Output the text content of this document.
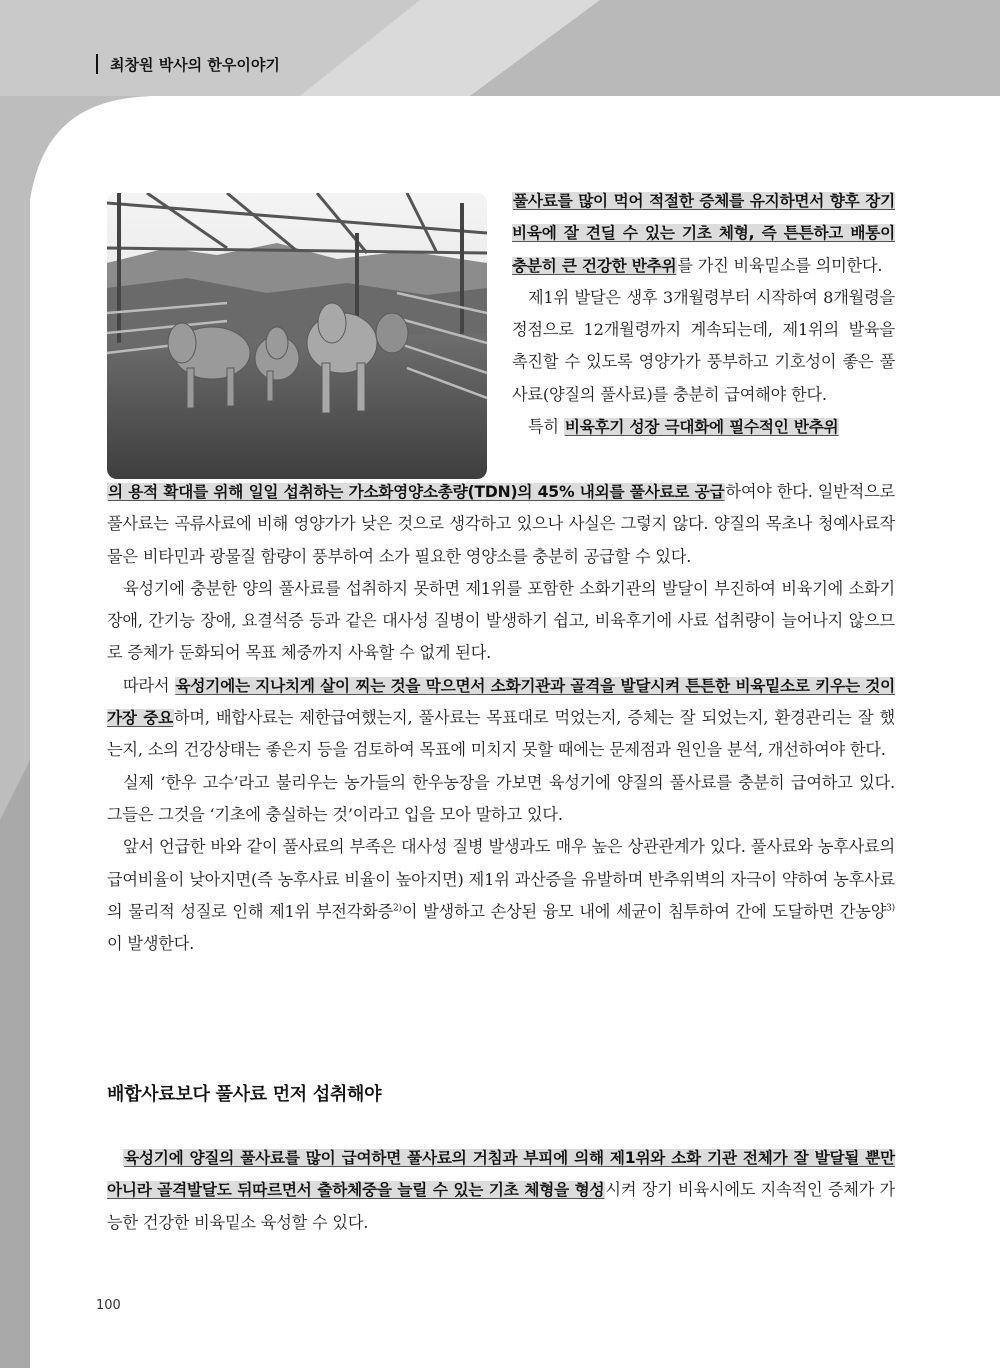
최창원 박사의 한우이야기

풀사료를 많이 먹어 적절한 증체를 유지하면서 향후 장기비육에 잘 견딜 수 있는 기초 체형, 즉 튼튼하고 배통이 충분히 큰 건강한 반추위를 가진 비육밑소를 의미한다.

제1위 발달은 생후 3개월령부터 시작하여 8개월령을 정점으로 12개월령까지 계속되는데, 제1위의 발육을 촉진할 수 있도록 영양가가 풍부하고 기호성이 좋은 풀사료(양질의 풀사료)를 충분히 급여해야 한다.

특히 비육후기 성장 극대화에 필수적인 반추위

의 용적 확대를 위해 일일 섭취하는 가소화영양소총량(TDN)의 45% 내외를 풀사료로 공급하여야 한다. 일반적으로 풀사료는 곡류사료에 비해 영양가가 낮은 것으로 생각하고 있으나 사실은 그렇지 않다. 양질의 목초나 청예사료작물은 비타민과 광물질 함량이 풍부하여 소가 필요한 영양소를 충분히 공급할 수 있다.

육성기에 충분한 양의 풀사료를 섭취하지 못하면 제1위를 포함한 소화기관의 발달이 부진하여 비육기에 소화기 장애, 간기능 장애, 요결석증 등과 같은 대사성 질병이 발생하기 쉽고, 비육후기에 사료 섭취량이 늘어나지 않으므로 증체가 둔화되어 목표 체중까지 사육할 수 없게 된다.

따라서 육성기에는 지나치게 살이 찌는 것을 막으면서 소화기관과 골격을 발달시켜 튼튼한 비육밑소로 키우는 것이 가장 중요하며, 배합사료는 제한급여했는지, 풀사료는 목표대로 먹었는지, 증체는 잘 되었는지, 환경관리는 잘 했는지, 소의 건강상태는 좋은지 등을 검토하여 목표에 미치지 못할 때에는 문제점과 원인을 분석, 개선하여야 한다.

실제 ‘한우 고수’라고 불리우는 농가들의 한우농장을 가보면 육성기에 양질의 풀사료를 충분히 급여하고 있다. 그들은 그것을 ‘기초에 충실하는 것’이라고 입을 모아 말하고 있다.

앞서 언급한 바와 같이 풀사료의 부족은 대사성 질병 발생과도 매우 높은 상관관계가 있다. 풀사료와 농후사료의 급여비율이 낮아지면(즉 농후사료 비율이 높아지면) 제1위 과산증을 유발하며 반추위벽의 자극이 약하여 농후사료의 물리적 성질로 인해 제1위 부전각화증$^{2)}$이 발생하고 손상된 융모 내에 세균이 침투하여 간에 도달하면 간농양$^{3)}$이 발생한다.

배합사료보다 풀사료 먼저 섭취해야

육성기에 양질의 풀사료를 많이 급여하면 풀사료의 거침과 부피에 의해 제1위와 소화 기관 전체가 잘 발달될 뿐만 아니라 골격발달도 뒤따르면서 출하체중을 늘릴 수 있는 기초 체형을 형성시켜 장기 비육시에도 지속적인 증체가 가능한 건강한 비육밑소 육성할 수 있다.

100
